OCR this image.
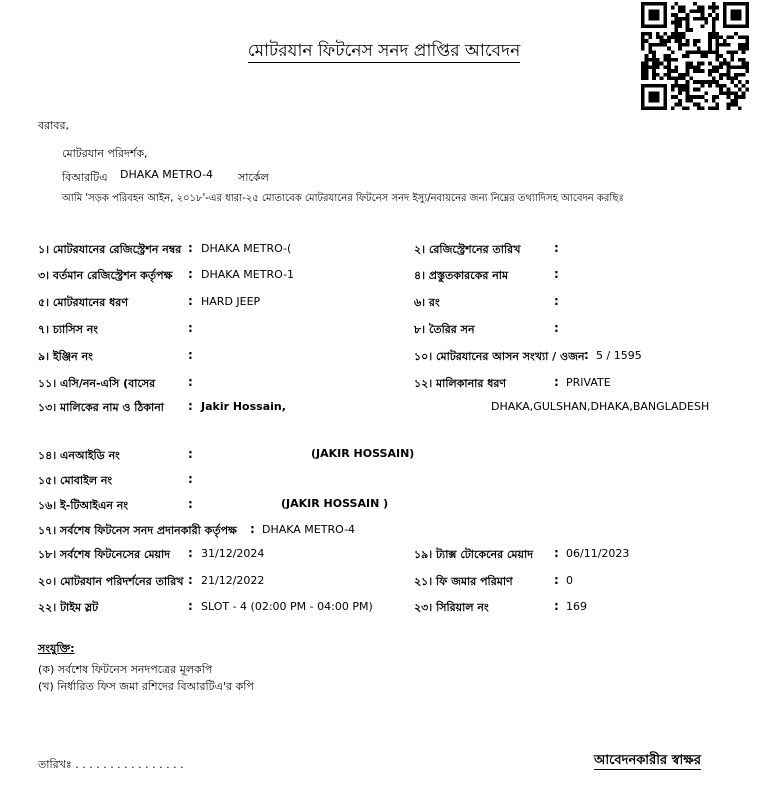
মোটরযান ফিটনেস সনদ প্রাপ্তির আবেদন
বরাবর,
মোটরযান পরিদর্শক,
বিআরটিএ DHAKA METRO-4 সার্কেল
আমি 'সড়ক পরিবহন আইন, ২০১৮'-এর ধারা-২৫ মোতাবেক মোটরযানের ফিটনেস সনদ ইস্যু/নবায়নের জন্য নিম্নের তথ্যাদিসহ আবেদন করছিঃ
১। মোটরযানের রেজিস্ট্রেশন নম্বর : DHAKA METRO-(	২। রেজিস্ট্রেশনের তারিখ	:
৩। বর্তমান রেজিস্ট্রেশন কর্তৃপক্ষ : DHAKA METRO-1	৪। প্রস্তুতকারকের নাম	:
৫। মোটরযানের ধরণ	: HARD JEEP	৬। রং	:
৭। চ্যাসিস নং	:	৮। তৈরির সন	:
৯। ইঞ্জিন নং	:	১০। মোটরযানের আসন সংখ্যা / ওজন : 5 / 1595
১১। এসি/নন-এসি (বাসের	:	১২। মালিকানার ধরণ	: PRIVATE
১৩। মালিকের নাম ও ঠিকানা : Jakir Hossain,	DHAKA,GULSHAN,DHAKA,BANGLADESH
১৪। এনআইডি নং	:	(JAKIR HOSSAIN)
১৫। মোবাইল নং	:
১৬। ই-টিআইএন নং	:	(JAKIR HOSSAIN )
১৭। সর্বশেষ ফিটনেস সনদ প্রদানকারী কর্তৃপক্ষ : DHAKA METRO-4
১৮। সর্বশেষ ফিটনেসের মেয়াদ : 31/12/2024	১৯। ট্যাক্স টোকেনের মেয়াদ : 06/11/2023
২০। মোটরযান পরিদর্শনের তারিখ : 21/12/2022	২১। ফি জমার পরিমাণ	: 0
২২। টাইম স্লট	: SLOT - 4 (02:00 PM - 04:00 PM)	২৩। সিরিয়াল নং	: 169
সংযুক্তি:
(ক) সর্বশেষ ফিটনেস সনদপত্রের মূলকপি
(খ) নির্ধারিত ফিস জমা রশিদের বিআরটিএ'র কপি
তারিখঃ . . . . . . . . . . . . . . . .	আবেদনকারীর স্বাক্ষর
